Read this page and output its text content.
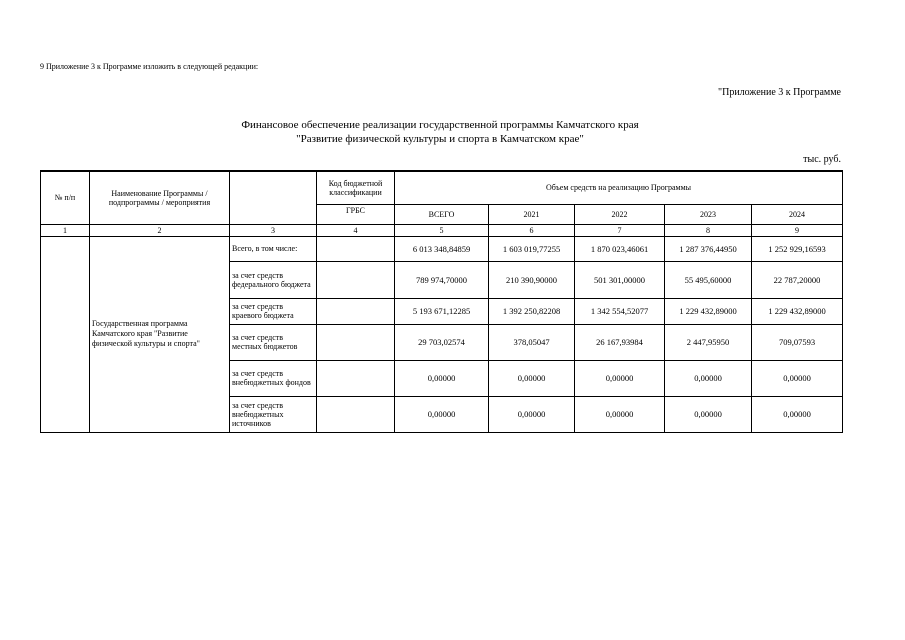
9 Приложение 3 к Программе изложить в следующей редакции:
"Приложение 3 к Программе
Финансовое обеспечение реализации государственной программы Камчатского края
"Развитие физической культуры и спорта в Камчатском крае"
тыс. руб.
№ п/п	Наименование Программы / подпрограммы / мероприятия		Код бюджетной классификации	Объем средств на реализацию Программы				
			ГРБС	ВСЕГО	2021	2022	2023	2024
1	2	3	4	5	6	7	8	9
	Государственная программа Камчатского края "Развитие физической культуры и спорта"	Всего, в том числе:		6 013 348,84859	1 603 019,77255	1 870 023,46061	1 287 376,44950	1 252 929,16593
		за счет средств федерального бюджета		789 974,70000	210 390,90000	501 301,00000	55 495,60000	22 787,20000
		за счет средств краевого бюджета		5 193 671,12285	1 392 250,82208	1 342 554,52077	1 229 432,89000	1 229 432,89000
		за счет средств местных бюджетов		29 703,02574	378,05047	26 167,93984	2 447,95950	709,07593
		за счет средств внебюджетных фондов		0,00000	0,00000	0,00000	0,00000	0,00000
		за счет средств внебюджетных источников		0,00000	0,00000	0,00000	0,00000	0,00000
